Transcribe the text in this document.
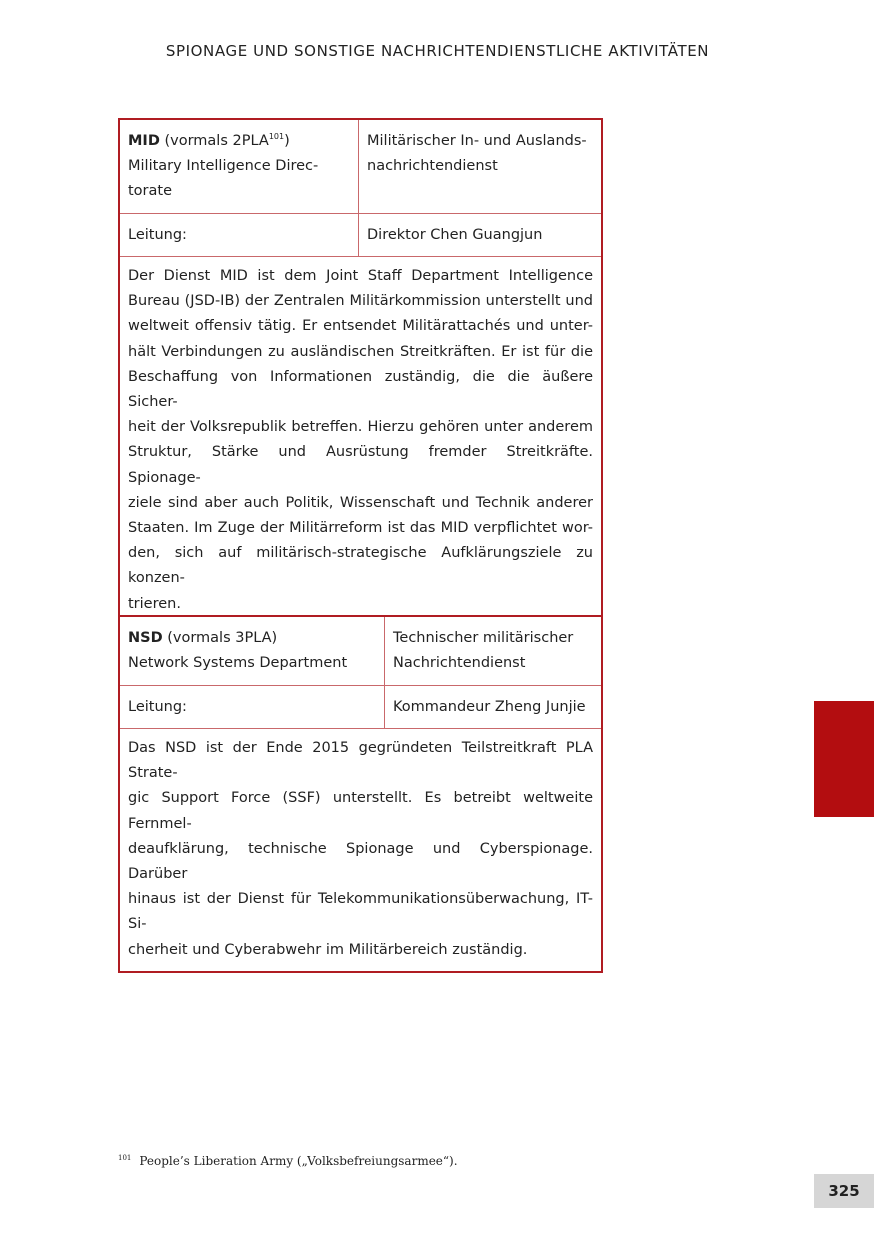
SPIONAGE UND SONSTIGE NACHRICHTENDIENSTLICHE AKTIVITÄTEN
MID (vormals 2PLA$^{101}$)
Military Intelligence Direc-
torate
Militärischer In- und Auslands-
nachrichtendienst
Leitung:	Direktor Chen Guangjun
Der Dienst MID ist dem Joint Staff Department Intelligence
Bureau (JSD-IB) der Zentralen Militärkommission unterstellt und
weltweit offensiv tätig. Er entsendet Militärattachés und unter-
hält Verbindungen zu ausländischen Streitkräften. Er ist für die
Beschaffung von Informationen zuständig, die die äußere Sicher-
heit der Volksrepublik betreffen. Hierzu gehören unter anderem
Struktur, Stärke und Ausrüstung fremder Streitkräfte. Spionage-
ziele sind aber auch Politik, Wissenschaft und Technik anderer
Staaten. Im Zuge der Militärreform ist das MID verpflichtet wor-
den, sich auf militärisch-strategische Aufklärungsziele zu konzen-
trieren.
NSD (vormals 3PLA)
Network Systems Department
Technischer militärischer
Nachrichtendienst
Leitung:	Kommandeur Zheng Junjie
Das NSD ist der Ende 2015 gegründeten Teilstreitkraft PLA Strate-
gic Support Force (SSF) unterstellt. Es betreibt weltweite Fernmel-
deaufklärung, technische Spionage und Cyberspionage. Darüber
hinaus ist der Dienst für Telekommunikationsüberwachung, IT-Si-
cherheit und Cyberabwehr im Militärbereich zuständig.
$^{101}$ People’s Liberation Army („Volksbefreiungsarmee“).
325
